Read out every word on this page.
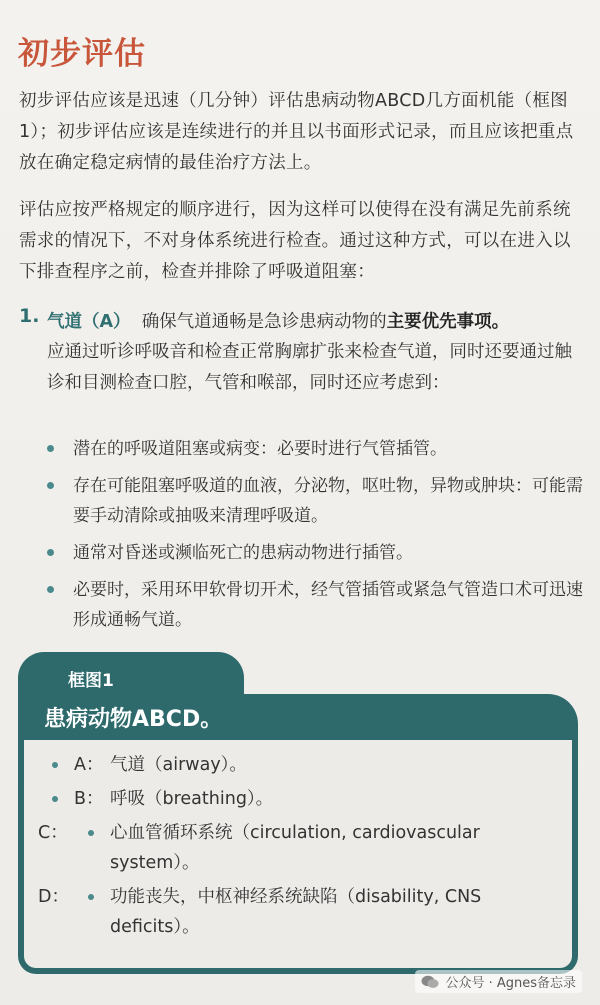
初步评估
初步评估应该是迅速（几分钟）评估患病动物ABCD几方面机能（框图1）；初步评估应该是连续进行的并且以书面形式记录，而且应该把重点放在确定稳定病情的最佳治疗方法上。
评估应按严格规定的顺序进行，因为这样可以使得在没有满足先前系统需求的情况下，不对身体系统进行检查。通过这种方式，可以在进入以下排查程序之前，检查并排除了呼吸道阻塞：
1. 气道（A） 确保气道通畅是急诊患病动物的主要优先事项。
应通过听诊呼吸音和检查正常胸廓扩张来检查气道，同时还要通过触诊和目测检查口腔，气管和喉部，同时还应考虑到：
潜在的呼吸道阻塞或病变：必要时进行气管插管。
存在可能阻塞呼吸道的血液，分泌物，呕吐物，异物或肿块：可能需要手动清除或抽吸来清理呼吸道。
通常对昏迷或濒临死亡的患病动物进行插管。
必要时，采用环甲软骨切开术，经气管插管或紧急气管造口术可迅速形成通畅气道。
框图1
患病动物ABCD。
A： 气道（airway）。
B： 呼吸（breathing）。
C： 心血管循环系统（circulation, cardiovascular system）。
D： 功能丧失，中枢神经系统缺陷（disability, CNS deficits）。
公众号 · Agnes备忘录
